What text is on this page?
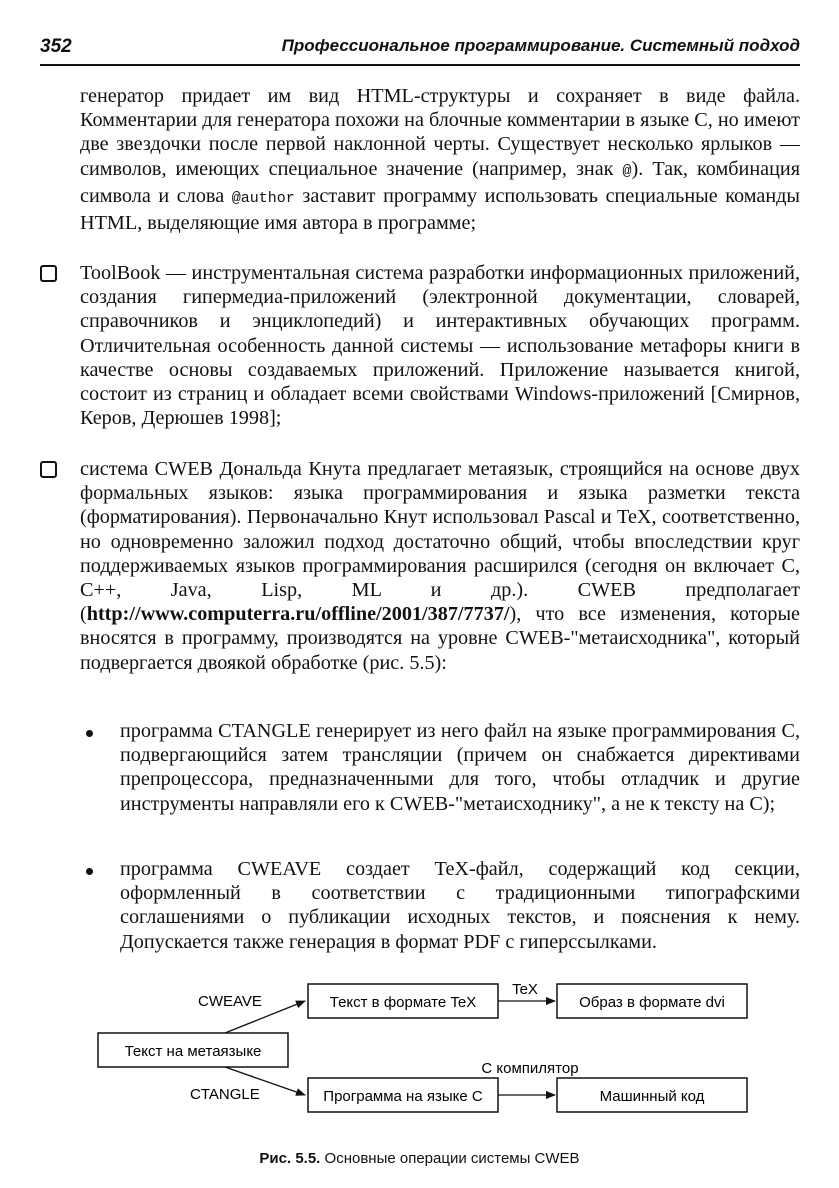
352	Профессиональное программирование. Системный подход

генератор придает им вид HTML-структуры и сохраняет в виде файла. Комментарии для генератора похожи на блочные комментарии в языке С, но имеют две звездочки после первой наклонной черты. Существует несколько ярлыков — символов, имеющих специальное значение (например, знак @). Так, комбинация символа и слова @author заставит программу использовать специальные команды HTML, выделяющие имя автора в программе;

ToolBook — инструментальная система разработки информационных приложений, создания гипермедиа-приложений (электронной документации, словарей, справочников и энциклопедий) и интерактивных обучающих программ. Отличительная особенность данной системы — использование метафоры книги в качестве основы создаваемых приложений. Приложение называется книгой, состоит из страниц и обладает всеми свойствами Windows-приложений [Смирнов, Керов, Дерюшев 1998];
система CWEB Дональда Кнута предлагает метаязык, строящийся на основе двух формальных языков: языка программирования и языка разметки текста (форматирования). Первоначально Кнут использовал Pascal и TeX, соответственно, но одновременно заложил подход достаточно общий, чтобы впоследствии круг поддерживаемых языков программирования расширился (сегодня он включает C, C++, Java, Lisp, ML и др.). CWEB предполагает (http://www.computerra.ru/offline/2001/387/7737/), что все изменения, которые вносятся в программу, производятся на уровне CWEB-"метаисходника", который подвергается двоякой обработке (рис. 5.5):
программа CTANGLE генерирует из него файл на языке программирования С, подвергающийся затем трансляции (причем он снабжается директивами препроцессора, предназначенными для того, чтобы отладчик и другие инструменты направляли его к CWEB-"метаисходнику", а не к тексту на С);
программа CWEAVE создает TeX-файл, содержащий код секции, оформленный в соответствии с традиционными типографскими соглашениями о публикации исходных текстов, и пояснения к нему. Допускается также генерация в формат PDF с гиперссылками.
Текст на метаязыке
CWEAVE
CTANGLE
Текст в формате TeX
TeX
Образ в формате dvi
Программа на языке С
С компилятор
Машинный код
Рис. 5.5. Основные операции системы CWEB
